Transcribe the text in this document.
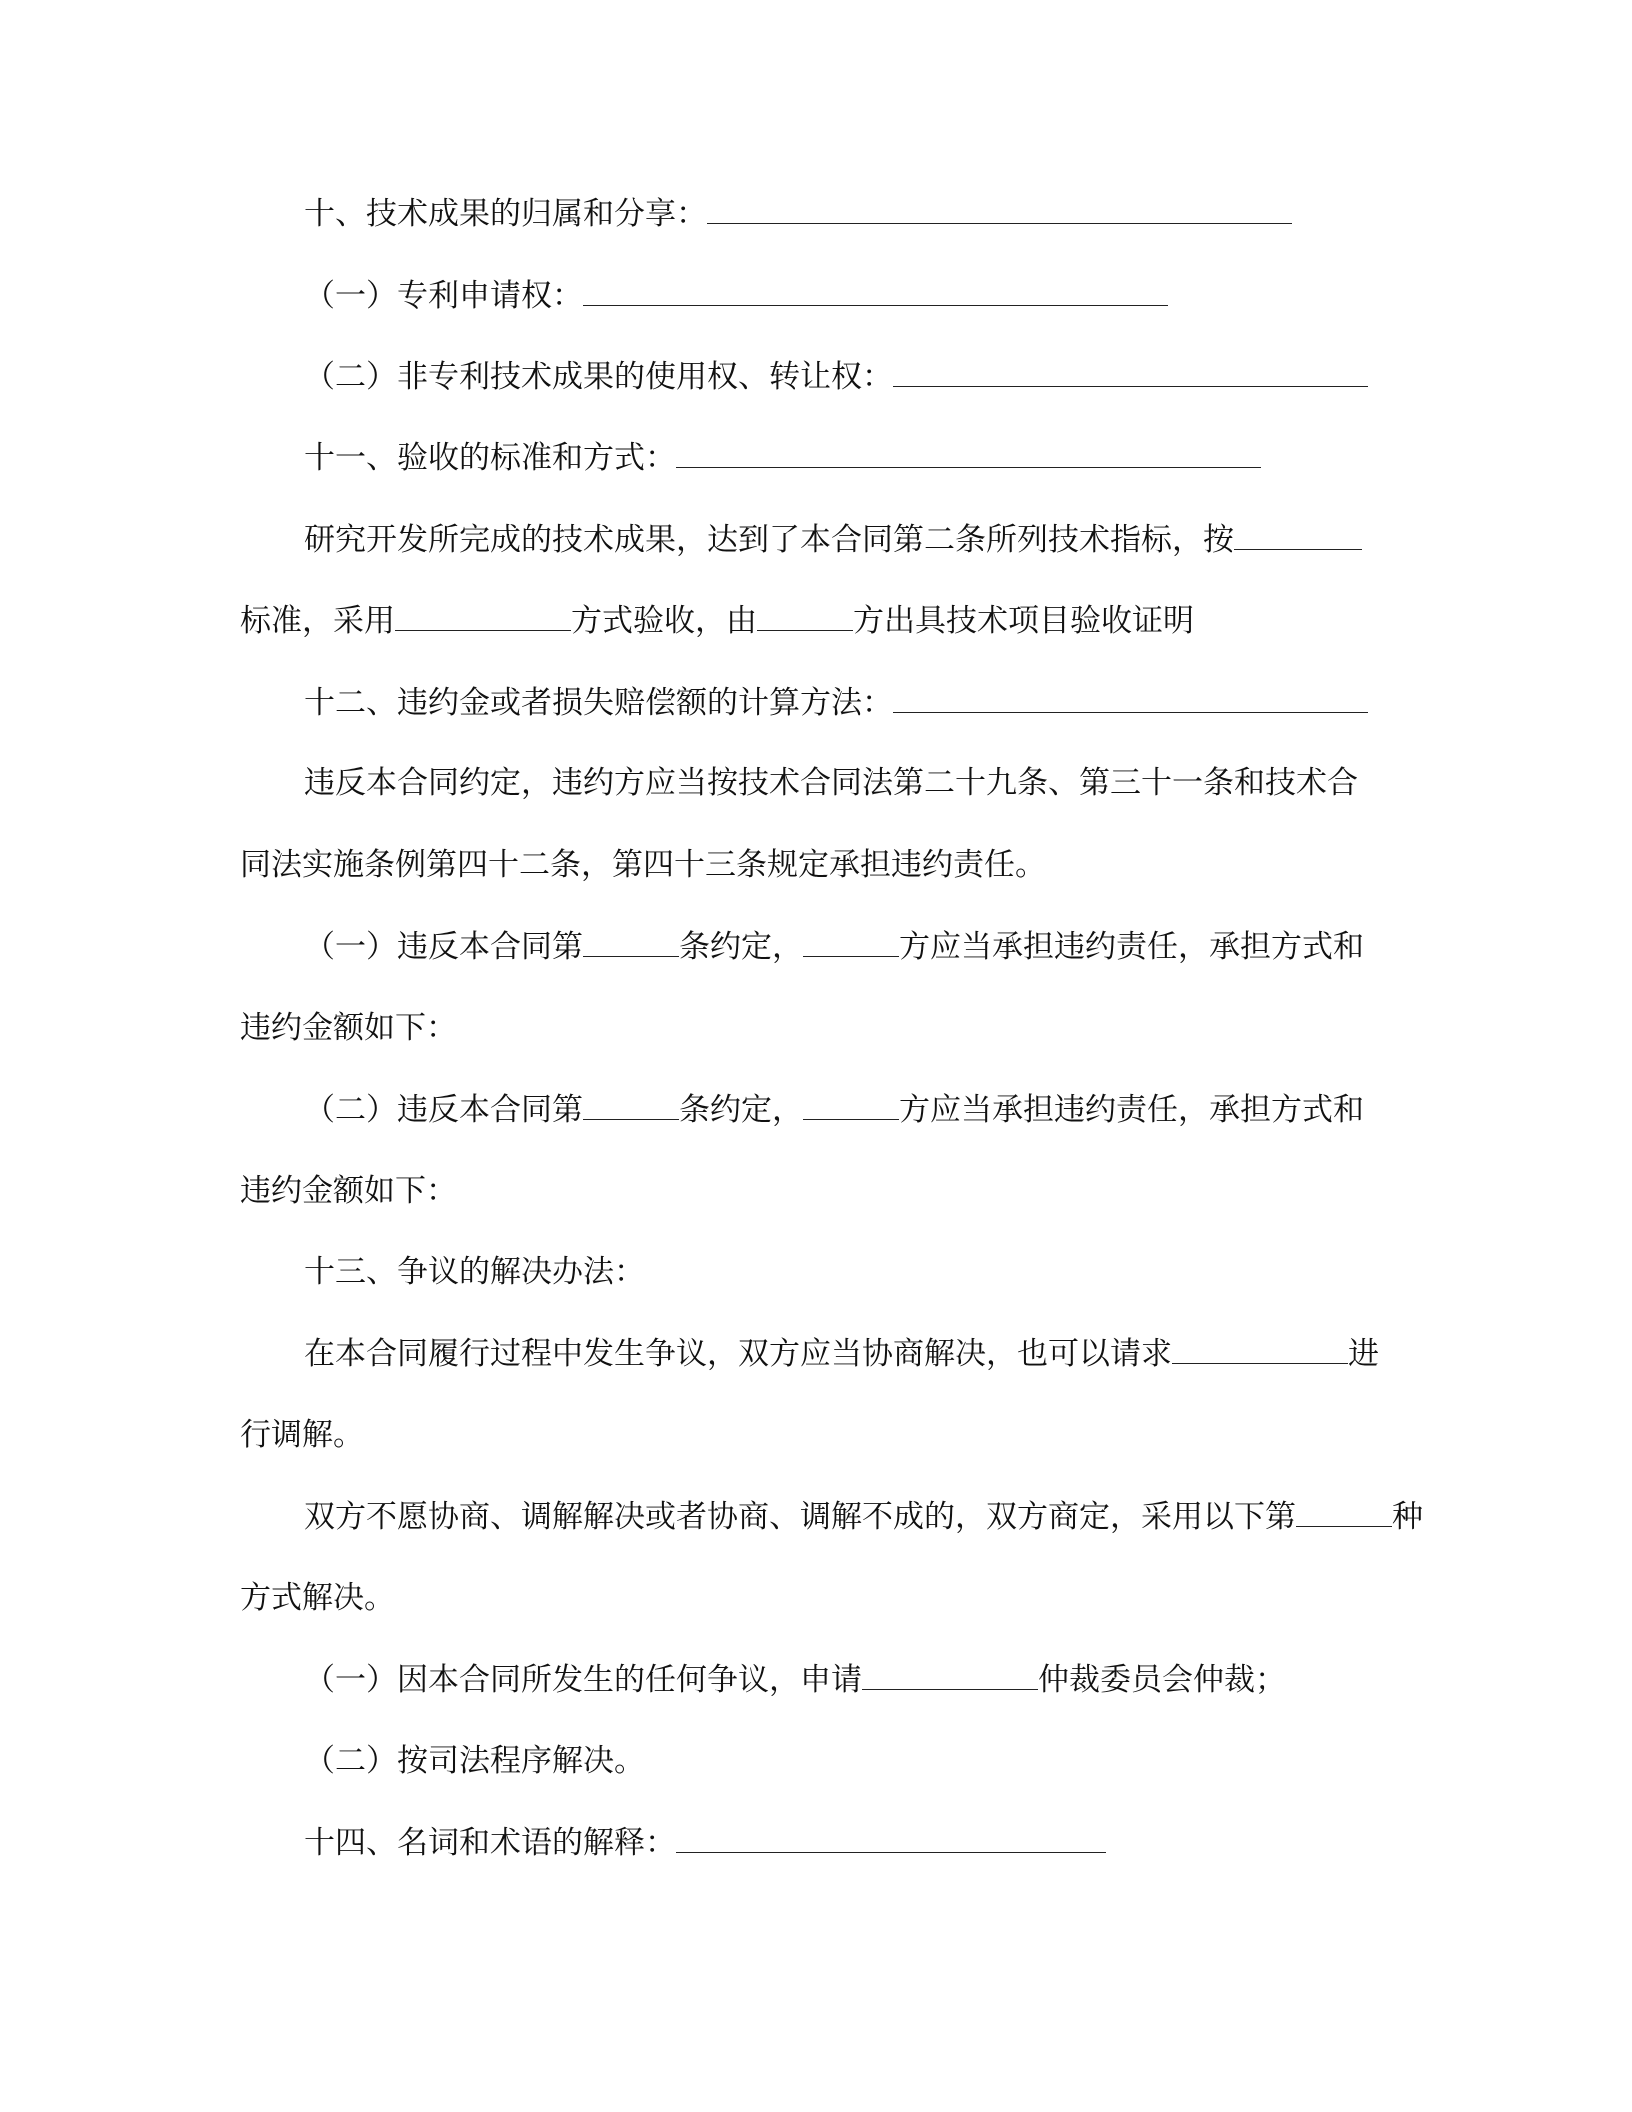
十、技术成果的归属和分享：
（一）专利申请权：
（二）非专利技术成果的使用权、转让权：
十一、验收的标准和方式：
研究开发所完成的技术成果，达到了本合同第二条所列技术指标，按
标准，采用	方式验收，由	方出具技术项目验收证明
十二、违约金或者损失赔偿额的计算方法：
违反本合同约定，违约方应当按技术合同法第二十九条、第三十一条和技术合
同法实施条例第四十二条，第四十三条规定承担违约责任。
（一）违反本合同第	条约定，	方应当承担违约责任，承担方式和
违约金额如下：
（二）违反本合同第	条约定，	方应当承担违约责任，承担方式和
违约金额如下：
十三、争议的解决办法：
在本合同履行过程中发生争议，双方应当协商解决，也可以请求	进
行调解。
双方不愿协商、调解解决或者协商、调解不成的，双方商定，采用以下第	种
方式解决。
（一）因本合同所发生的任何争议，申请	仲裁委员会仲裁；
（二）按司法程序解决。
十四、名词和术语的解释：
